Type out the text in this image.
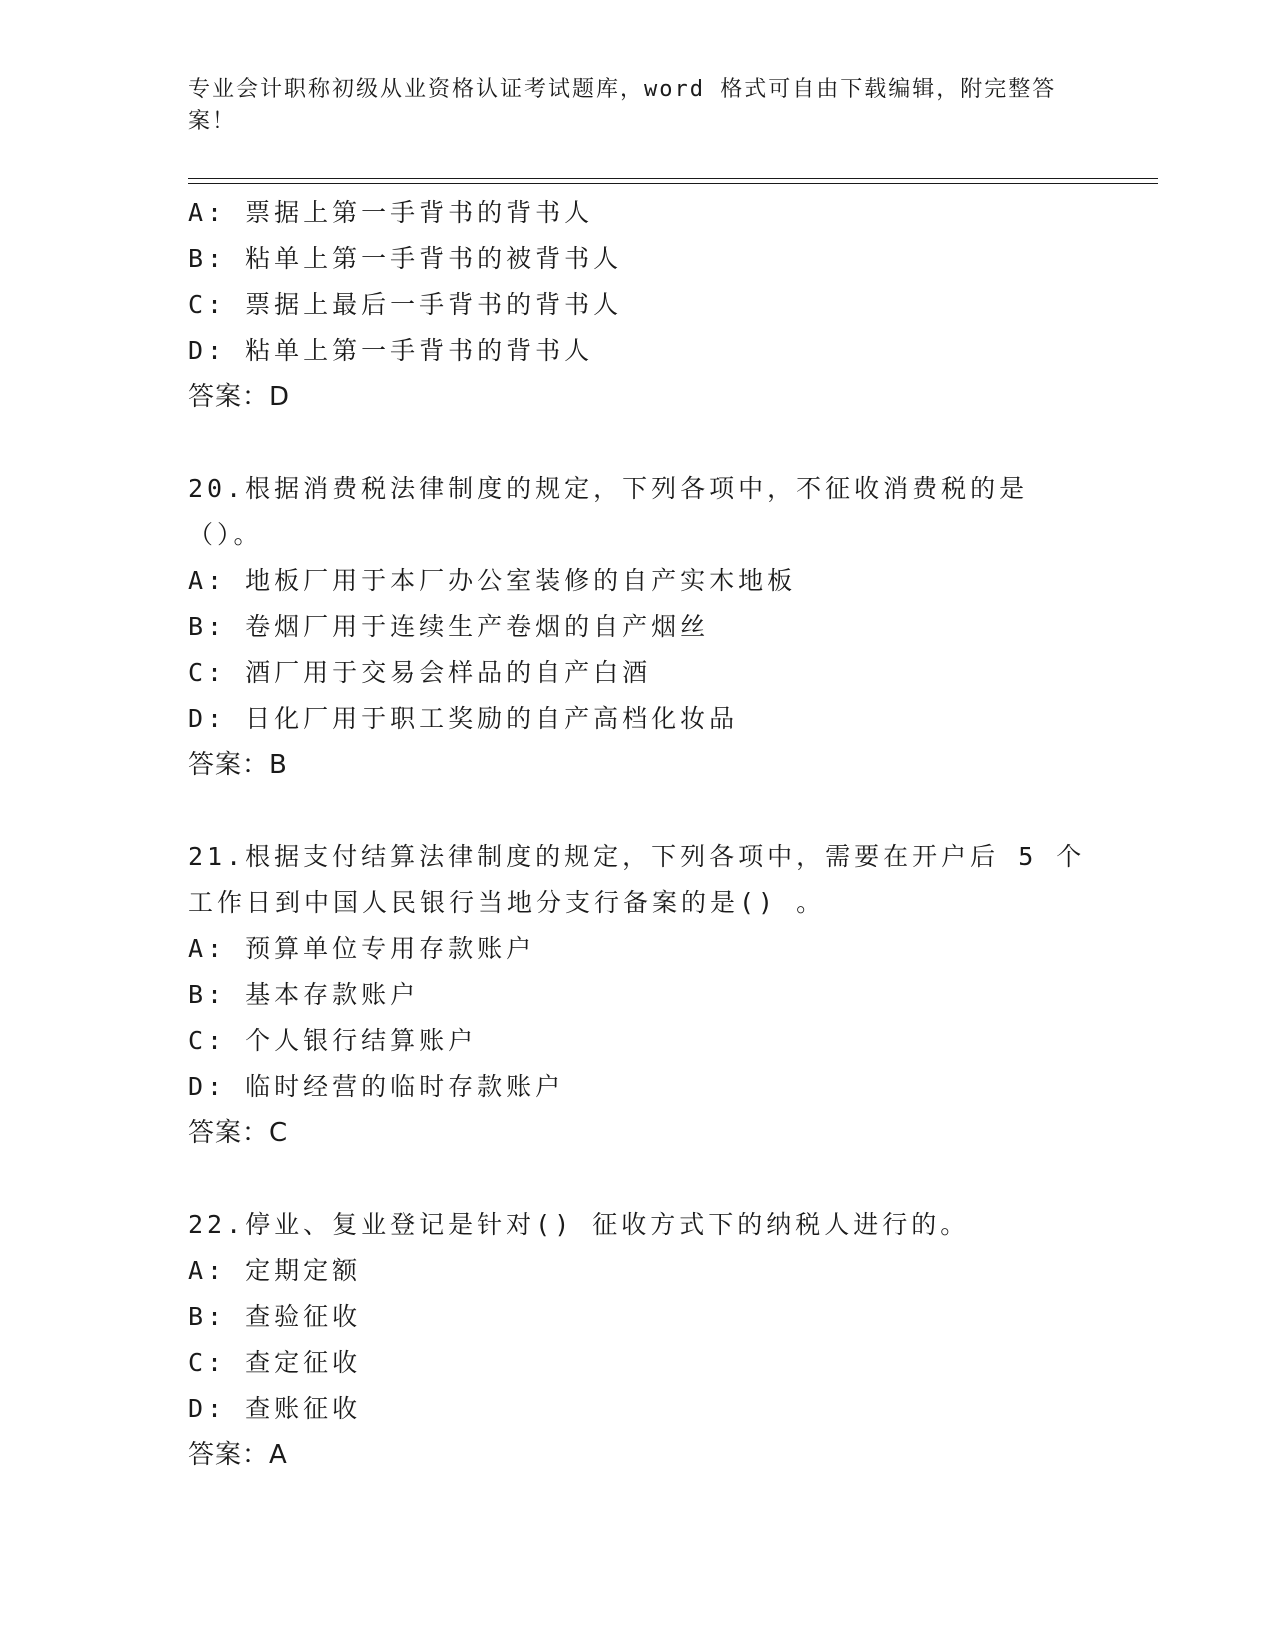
专业会计职称初级从业资格认证考试题库，word 格式可自由下载编辑，附完整答案！

A: 票据上第一手背书的背书人

B: 粘单上第一手背书的被背书人

C: 票据上最后一手背书的背书人

D: 粘单上第一手背书的背书人

答案：D

20.根据消费税法律制度的规定，下列各项中，不征收消费税的是（）。

A: 地板厂用于本厂办公室装修的自产实木地板

B: 卷烟厂用于连续生产卷烟的自产烟丝

C: 酒厂用于交易会样品的自产白酒

D: 日化厂用于职工奖励的自产高档化妆品

答案：B

21.根据支付结算法律制度的规定，下列各项中，需要在开户后 5 个工作日到中国人民银行当地分支行备案的是() 。

A: 预算单位专用存款账户

B: 基本存款账户

C: 个人银行结算账户

D: 临时经营的临时存款账户

答案：C

22.停业、复业登记是针对() 征收方式下的纳税人进行的。

A: 定期定额

B: 查验征收

C: 查定征收

D: 查账征收

答案：A
